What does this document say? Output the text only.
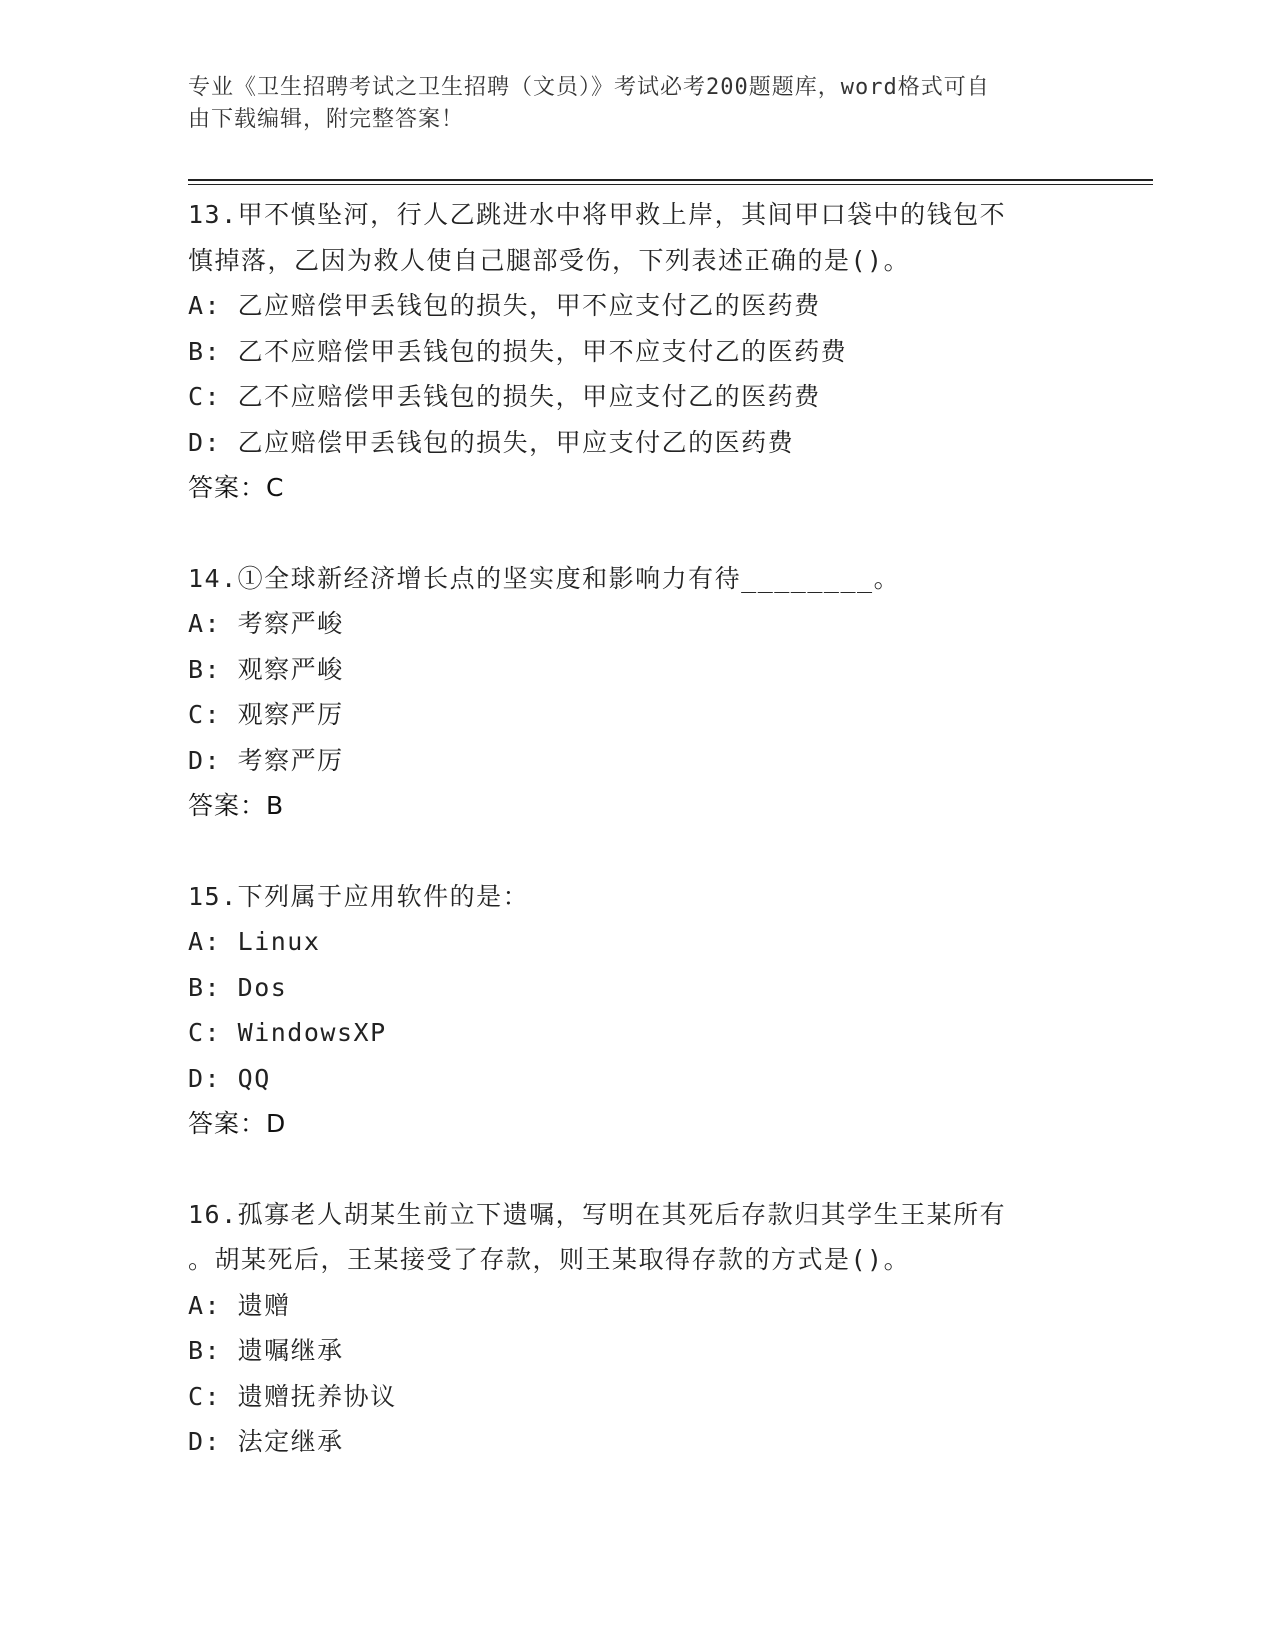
专业《卫生招聘考试之卫生招聘（文员）》考试必考200题题库，word格式可自
由下载编辑，附完整答案！
13.甲不慎坠河，行人乙跳进水中将甲救上岸，其间甲口袋中的钱包不
慎掉落，乙因为救人使自己腿部受伤，下列表述正确的是()。
A: 乙应赔偿甲丢钱包的损失，甲不应支付乙的医药费
B: 乙不应赔偿甲丢钱包的损失，甲不应支付乙的医药费
C: 乙不应赔偿甲丢钱包的损失，甲应支付乙的医药费
D: 乙应赔偿甲丢钱包的损失，甲应支付乙的医药费
答案：C
14.①全球新经济增长点的坚实度和影响力有待________。
A: 考察严峻
B: 观察严峻
C: 观察严厉
D: 考察严厉
答案：B
15.下列属于应用软件的是：
A: Linux
B: Dos
C: WindowsXP
D: QQ
答案：D
16.孤寡老人胡某生前立下遗嘱，写明在其死后存款归其学生王某所有
。胡某死后，王某接受了存款，则王某取得存款的方式是()。
A: 遗赠
B: 遗嘱继承
C: 遗赠抚养协议
D: 法定继承
